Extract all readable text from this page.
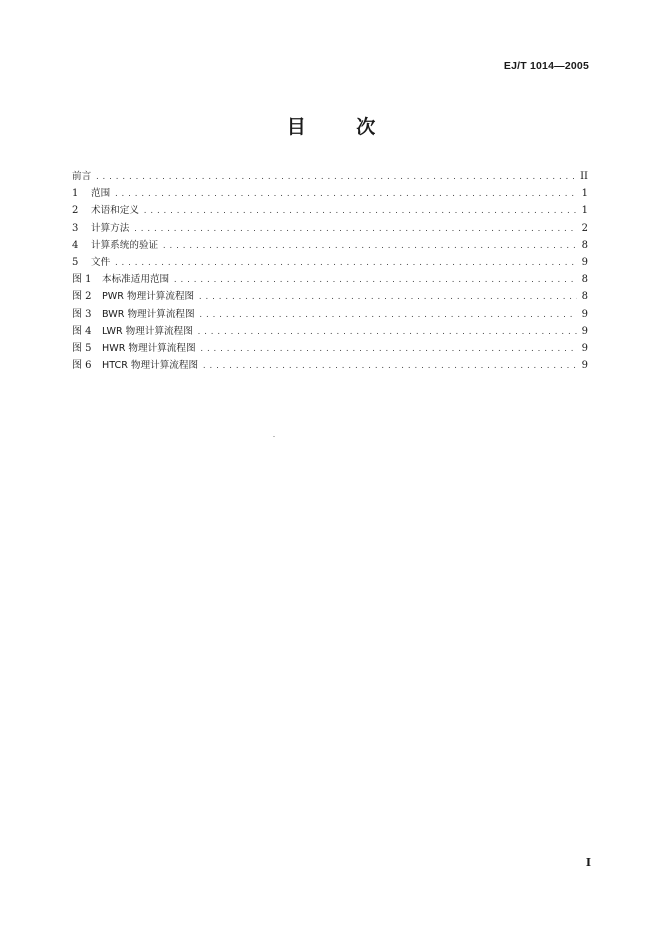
EJ/T 1014—2005
目 次
前言 .....	II
1	范围 .....	1
2	术语和定义 .....	1
3	计算方法 .....	2
4	计算系统的验证 .....	8
5	文件 .....	9
图 1	本标准适用范围 .....	8
图 2	PWR 物理计算流程图 .....	8
图 3	BWR 物理计算流程图 .....	9
图 4	LWR 物理计算流程图 .....	9
图 5	HWR 物理计算流程图 .....	9
图 6	HTCR 物理计算流程图 .....	9
I
